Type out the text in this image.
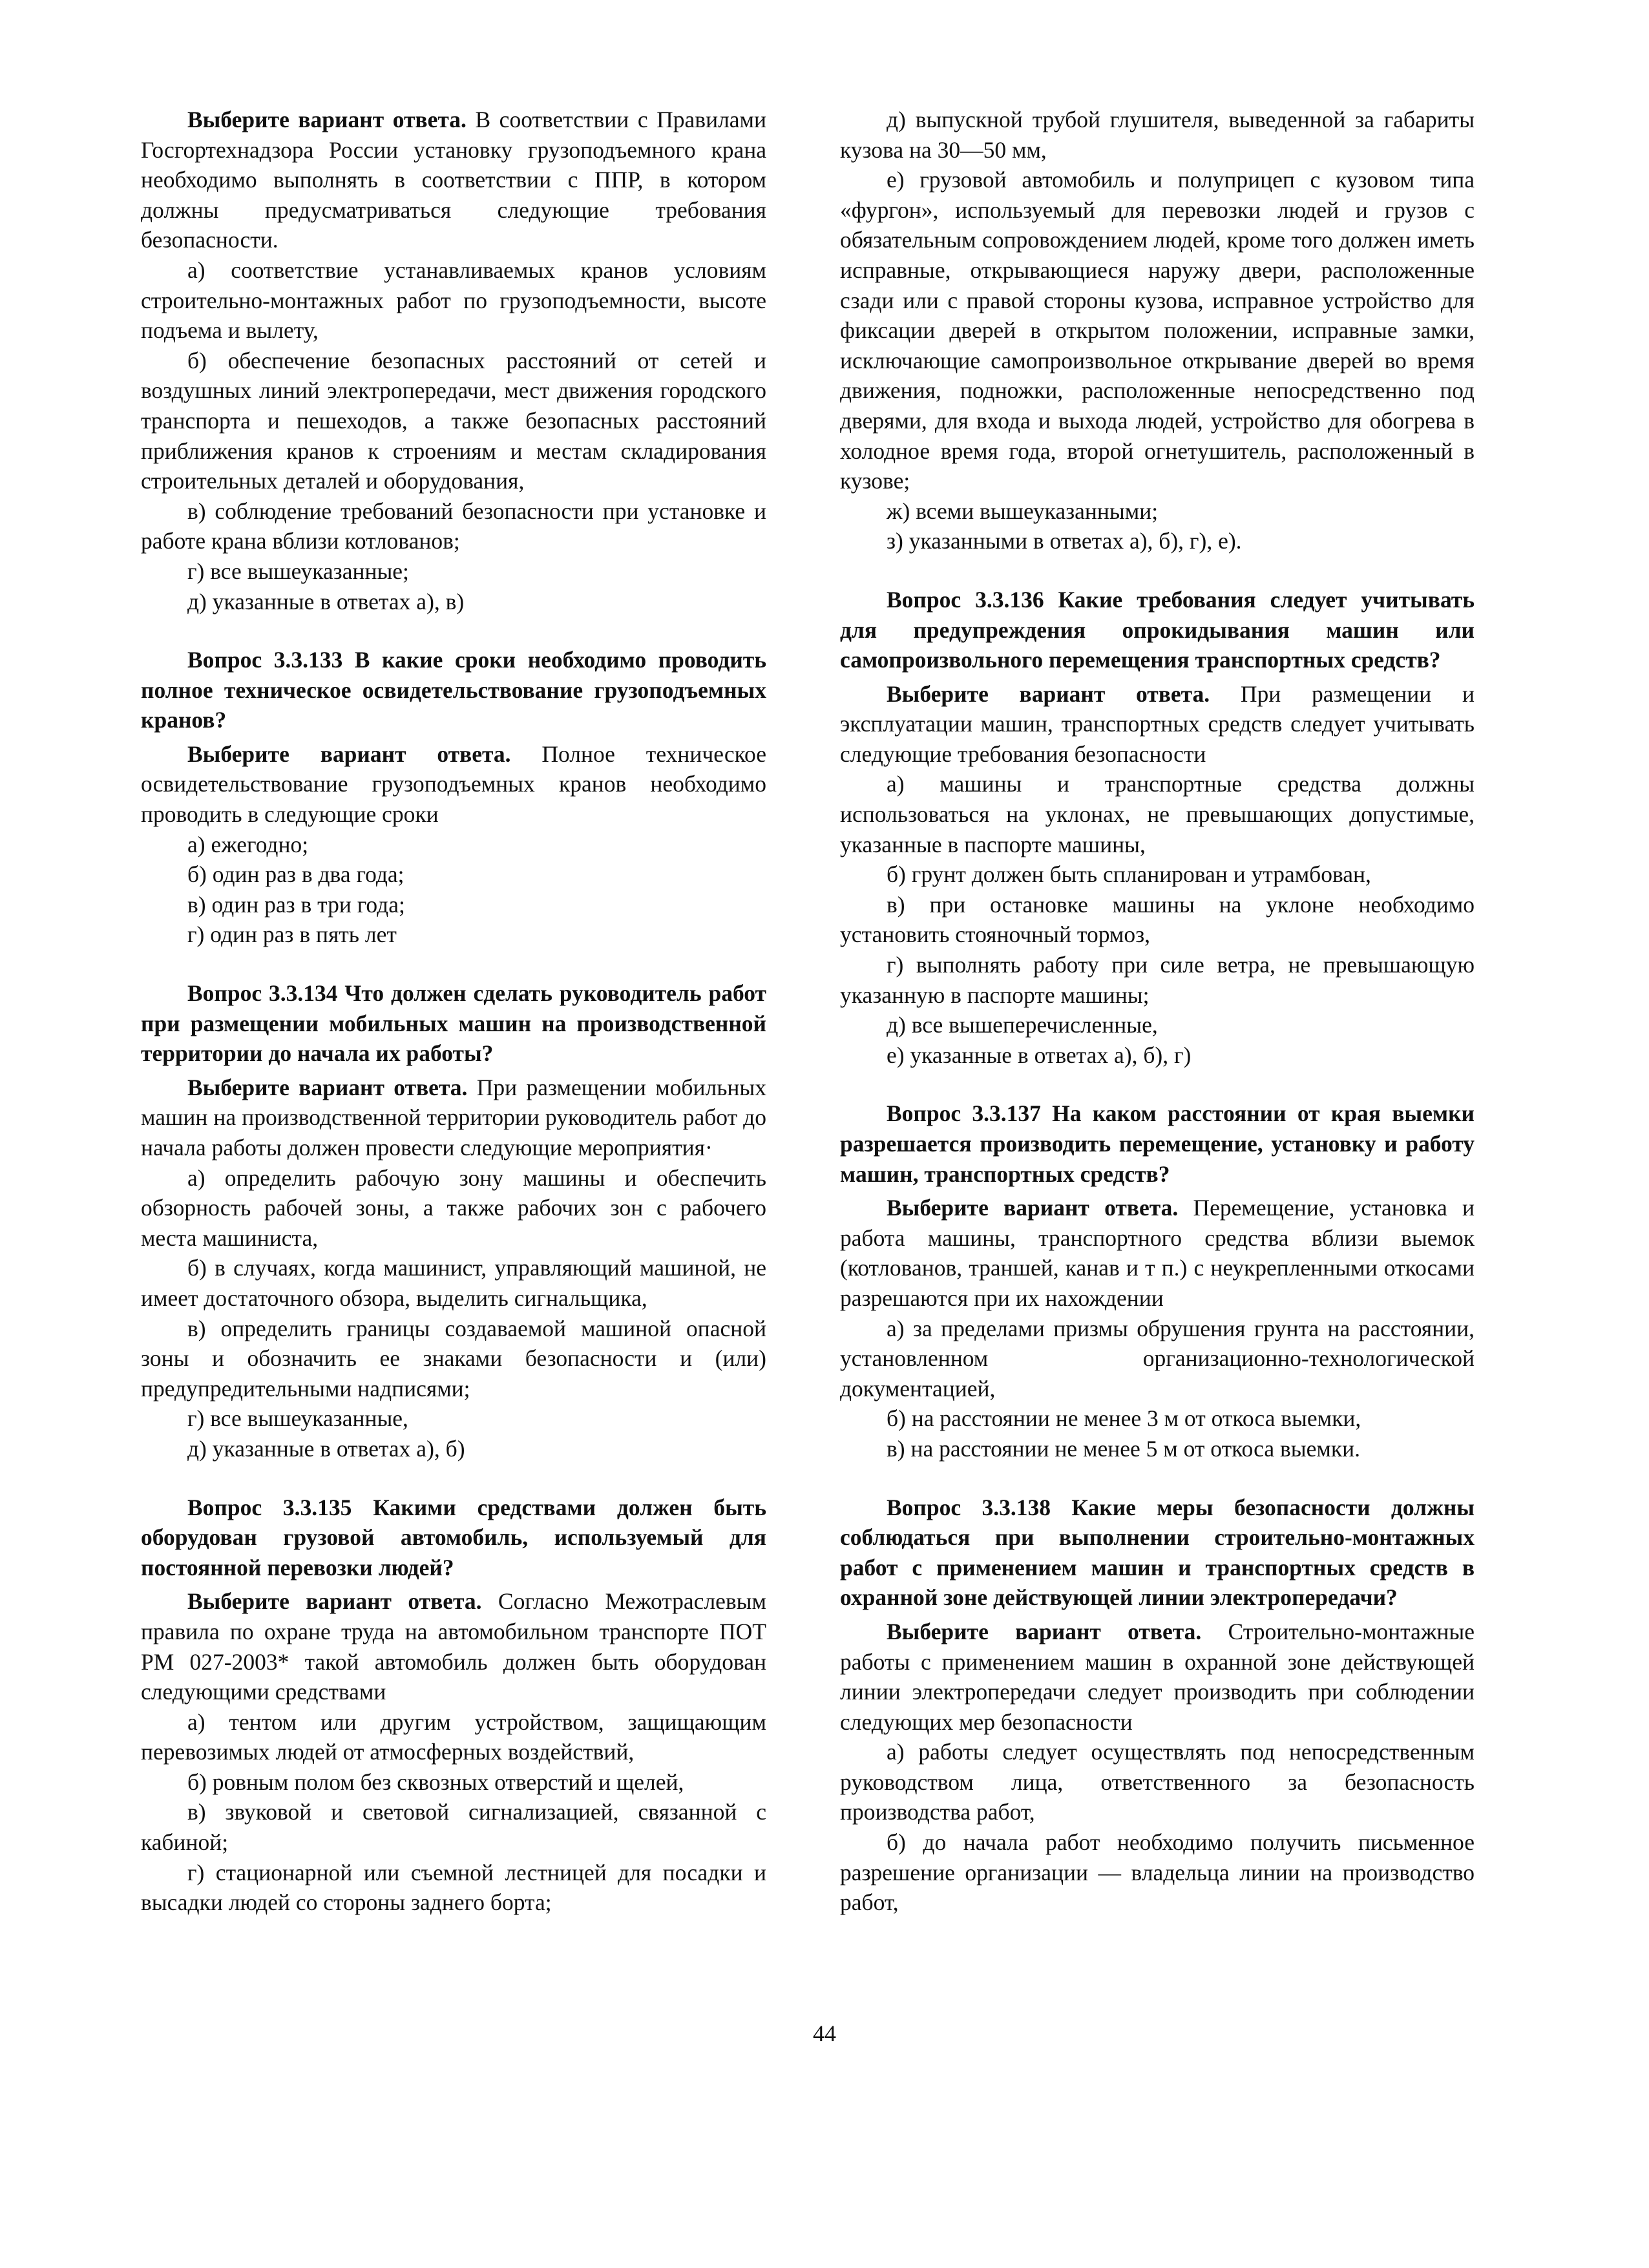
Выберите вариант ответа. В соответствии с Правилами Госгортехнадзора России установку грузоподъемного крана необходимо выполнять в соответствии с ППР, в котором должны предусматриваться следующие требования безопасности.

а) соответствие устанавливаемых кранов условиям строительно-монтажных работ по грузоподъемности, высоте подъема и вылету,

б) обеспечение безопасных расстояний от сетей и воздушных линий электропередачи, мест движения городского транспорта и пешеходов, а также безопасных расстояний приближения кранов к строениям и местам складирования строительных деталей и оборудования,

в) соблюдение требований безопасности при установке и работе крана вблизи котлованов;

г) все вышеуказанные;

д) указанные в ответах а), в)

Вопрос 3.3.133 В какие сроки необходимо проводить полное техническое освидетельствование грузоподъемных кранов?

Выберите вариант ответа. Полное техническое освидетельствование грузоподъемных кранов необходимо проводить в следующие сроки

а) ежегодно;

б) один раз в два года;

в) один раз в три года;

г) один раз в пять лет

Вопрос 3.3.134 Что должен сделать руководитель работ при размещении мобильных машин на производственной территории до начала их работы?

Выберите вариант ответа. При размещении мобильных машин на производственной территории руководитель работ до начала работы должен провести следующие мероприятия·

а) определить рабочую зону машины и обеспечить обзорность рабочей зоны, а также рабочих зон с рабочего места машиниста,

б) в случаях, когда машинист, управляющий машиной, не имеет достаточного обзора, выделить сигнальщика,

в) определить границы создаваемой машиной опасной зоны и обозначить ее знаками безопасности и (или) предупредительными надписями;

г) все вышеуказанные,

д) указанные в ответах а), б)

Вопрос 3.3.135 Какими средствами должен быть оборудован грузовой автомобиль, используемый для постоянной перевозки людей?

Выберите вариант ответа. Согласно Межотраслевым правила по охране труда на автомобильном транспорте ПОТ РМ 027-2003* такой автомобиль должен быть оборудован следующими средствами

а) тентом или другим устройством, защищающим перевозимых людей от атмосферных воздействий,

б) ровным полом без сквозных отверстий и щелей,

в) звуковой и световой сигнализацией, связанной с кабиной;

г) стационарной или съемной лестницей для посадки и высадки людей со стороны заднего борта;

д) выпускной трубой глушителя, выведенной за габариты кузова на 30—50 мм,

е) грузовой автомобиль и полуприцеп с кузовом типа «фургон», используемый для перевозки людей и грузов с обязательным сопровождением людей, кроме того должен иметь исправные, открывающиеся наружу двери, расположенные сзади или с правой стороны кузова, исправное устройство для фиксации дверей в открытом положении, исправные замки, исключающие самопроизвольное открывание дверей во время движения, подножки, расположенные непосредственно под дверями, для входа и выхода людей, устройство для обогрева в холодное время года, второй огнетушитель, расположенный в кузове;

ж) всеми вышеуказанными;

з) указанными в ответах а), б), г), е).

Вопрос 3.3.136 Какие требования следует учитывать для предупреждения опрокидывания машин или самопроизвольного перемещения транспортных средств?

Выберите вариант ответа. При размещении и эксплуатации машин, транспортных средств следует учитывать следующие требования безопасности

а) машины и транспортные средства должны использоваться на уклонах, не превышающих допустимые, указанные в паспорте машины,

б) грунт должен быть спланирован и утрамбован,

в) при остановке машины на уклоне необходимо установить стояночный тормоз,

г) выполнять работу при силе ветра, не превышающую указанную в паспорте машины;

д) все вышеперечисленные,

е) указанные в ответах а), б), г)

Вопрос 3.3.137 На каком расстоянии от края выемки разрешается производить перемещение, установку и работу машин, транспортных средств?

Выберите вариант ответа. Перемещение, установка и работа машины, транспортного средства вблизи выемок (котлованов, траншей, канав и т п.) с неукрепленными откосами разрешаются при их нахождении

а) за пределами призмы обрушения грунта на расстоянии, установленном организационно-технологической документацией,

б) на расстоянии не менее 3 м от откоса выемки,

в) на расстоянии не менее 5 м от откоса выемки.

Вопрос 3.3.138 Какие меры безопасности должны соблюдаться при выполнении строительно-монтажных работ с применением машин и транспортных средств в охранной зоне действующей линии электропередачи?

Выберите вариант ответа. Строительно-монтажные работы с применением машин в охранной зоне действующей линии электропередачи следует производить при соблюдении следующих мер безопасности

а) работы следует осуществлять под непосредственным руководством лица, ответственного за безопасность производства работ,

б) до начала работ необходимо получить письменное разрешение организации — владельца линии на производство работ,

44
